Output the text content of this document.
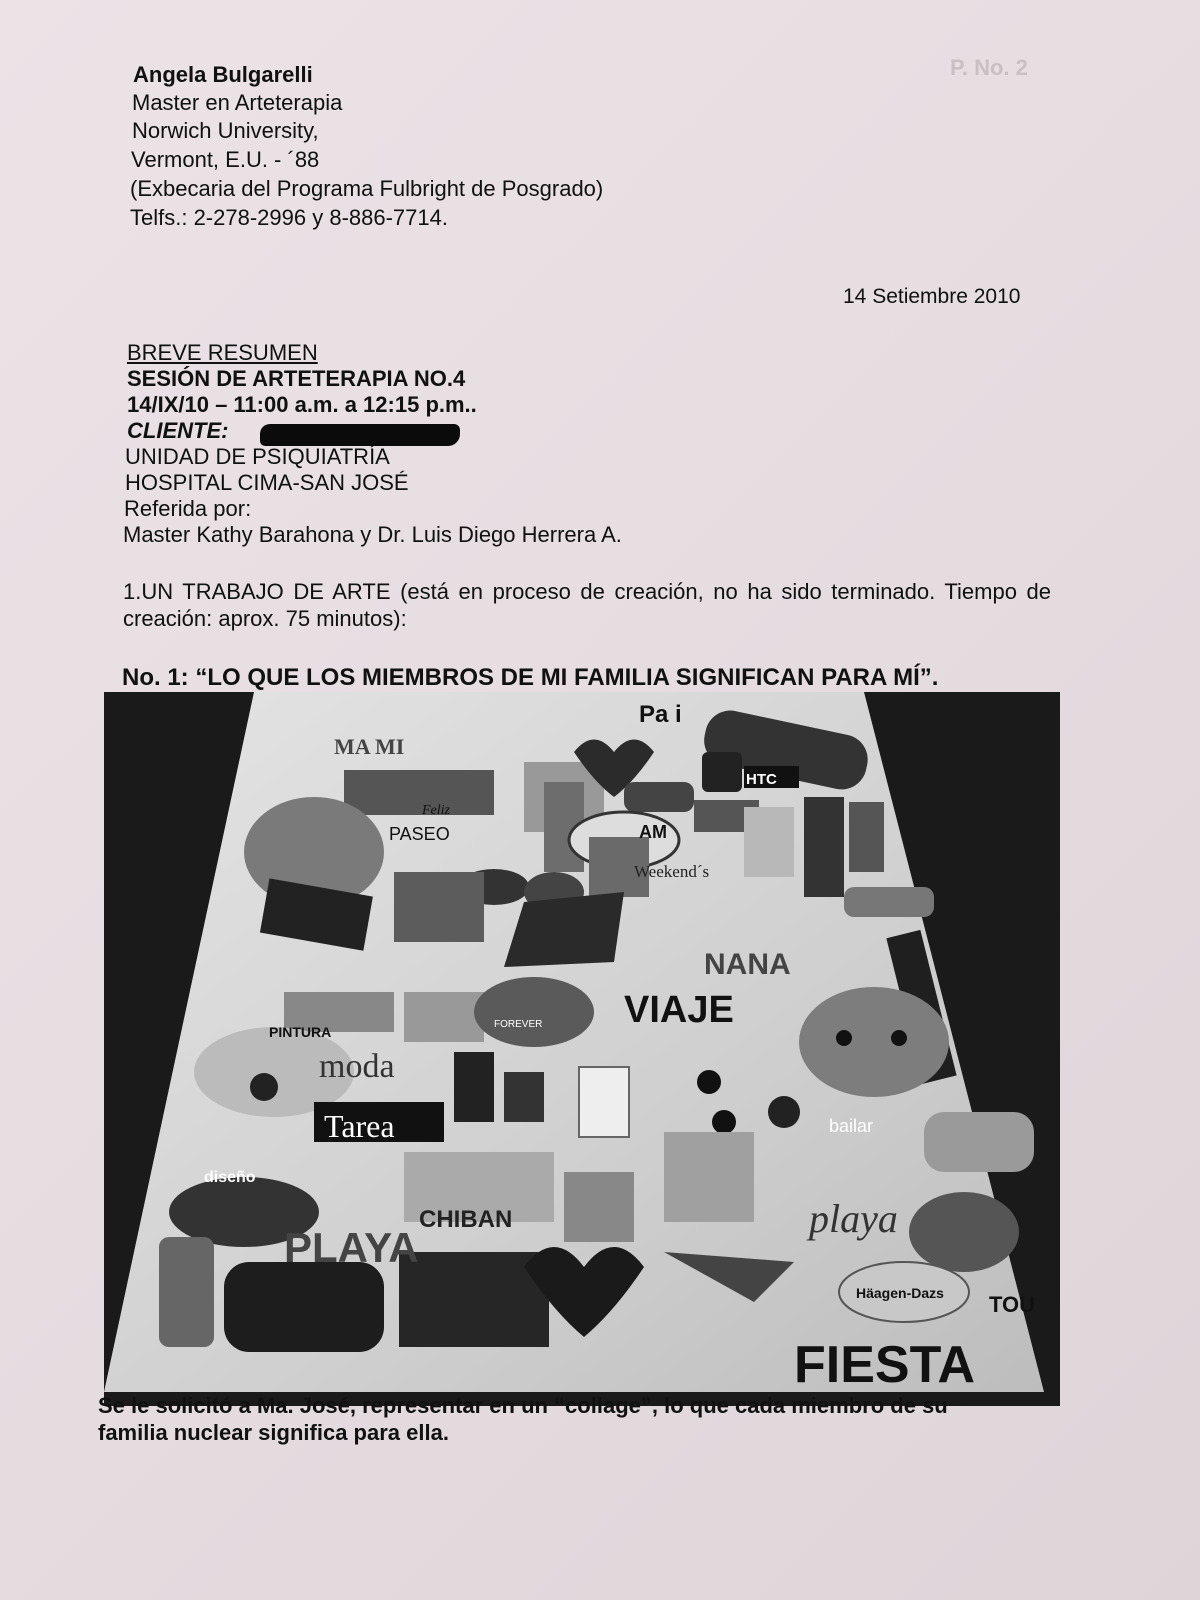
P. No. 2
Angela Bulgarelli
Master en Arteterapia
Norwich University,
Vermont, E.U. - ´88
(Exbecaria del Programa Fulbright de Posgrado)
Telfs.: 2-278-2996 y 8-886-7714.
14 Setiembre 2010
BREVE RESUMEN
SESIÓN DE ARTETERAPIA NO.4
14/IX/10 – 11:00 a.m. a 12:15 p.m..
CLIENTE:
UNIDAD DE PSIQUIATRÍA
HOSPITAL CIMA-SAN JOSÉ
Referida por:
Master Kathy Barahona y Dr. Luis Diego Herrera A.
1.UN TRABAJO DE ARTE (está en proceso de creación, no ha sido terminado. Tiempo de creación: aprox. 75 minutos):
No. 1: “LO QUE LOS MIEMBROS DE MI FAMILIA SIGNIFICAN PARA MÍ”.
Pa i
MA MI
HTC
Feliz
PASEO	AM
Weekend´s
NANA
VIAJE
FOREVER
PINTURA
moda
Tarea	bailar
diseño
CHIBAN
PLAYA
playa
Häagen-Dazs TOU
FIESTA
Se le solicitó a Ma. José, representar en un “collage”, lo que cada miembro de su
familia nuclear significa para ella.
